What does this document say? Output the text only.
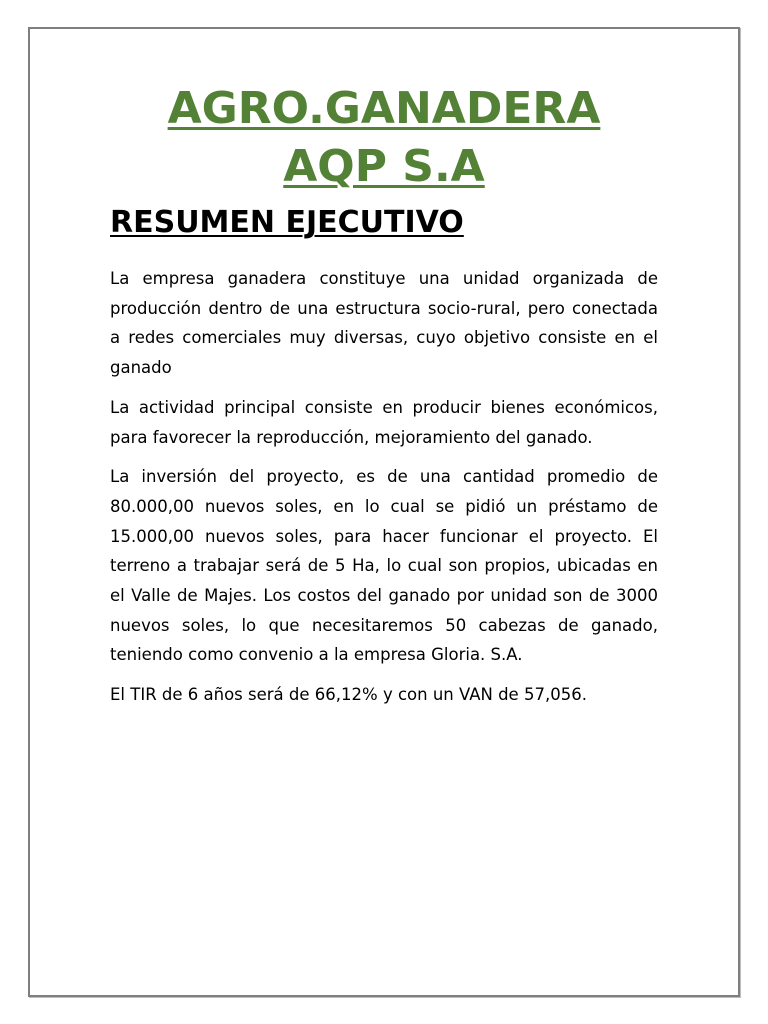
AGRO.GANADERA
AQP S.A
RESUMEN EJECUTIVO

La empresa ganadera constituye una unidad organizada de producción dentro de una estructura socio-rural, pero conectada a redes comerciales muy diversas, cuyo objetivo consiste en el ganado

La actividad principal consiste en producir bienes económicos, para favorecer la reproducción, mejoramiento del ganado.

La inversión del proyecto, es de una cantidad promedio de 80.000,00 nuevos soles, en lo cual se pidió un préstamo de 15.000,00 nuevos soles, para hacer funcionar el proyecto. El terreno a trabajar será de 5 Ha, lo cual son propios, ubicadas en el Valle de Majes. Los costos del ganado por unidad son de 3000 nuevos soles, lo que necesitaremos 50 cabezas de ganado, teniendo como convenio a la empresa Gloria. S.A.

El TIR de 6 años será de 66,12% y con un VAN de 57,056.
